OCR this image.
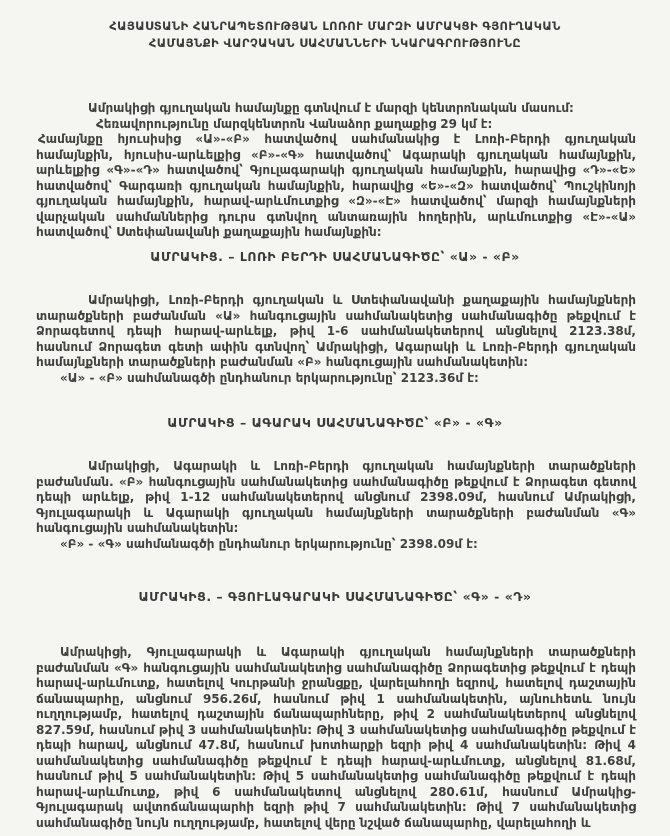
ՀԱՅԱՍՏԱՆԻ ՀԱՆՐԱՊԵՏՈՒԹՅԱՆ ԼՈՌՈՒ ՄԱՐԶԻ ԱՄՐԱԿՑԻ ԳՅՈՒՂԱԿԱՆ
ՀԱՄԱՅՆՔԻ ՎԱՐՉԱԿԱՆ ՍԱՀՄԱՆՆԵՐԻ ՆԿԱՐԱԳՐՈՒԹՅՈՒՆԸ
Ամրակիցի գյուղական համայնքը գտնվում է մարզի կենտրոնական մասում:
Հեռավորությունը մարզկենտրոն Վանաձոր քաղաքից 29 կմ է:
Համայնքը հյուսիսից «Ա»-«Բ» հատվածով սահմանակից է Լոռի-Բերդի գյուղական համայնքին, հյուսիս-արևելքից «Բ»-«Գ» հատվածով՝ Ագարակի գյուղական համայնքին, արևելքից «Գ»-«Դ» հատվածով՝ Գյուլագարակի գյուղական համայնքին, հարավից «Դ»-«Ե» հատվածով՝ Գարգառի գյուղական համայնքին, հարավից «Ե»-«Զ» հատվածով՝ Պուշկինոյի գյուղական համայնքին, հարավ-արևմուտքից «Զ»-«Է» հատվածով՝ մարզի համայնքների վարչական սահմաններից դուրս գտնվող անտառային հողերին, արևմուտքից «Է»-«Ա» հատվածով՝ Ստեփանավանի քաղաքային համայնքին:
ԱՄՐԱԿԻՑ. – ԼՈՌԻ ԲԵՐԴԻ ՍԱՀՄԱՆԱԳԻԾԸ՝ «Ա» - «Բ»
Ամրակիցի, Լոռի-Բերդի գյուղական և Ստեփանավանի քաղաքային համայնքների տարածքների բաժանման «Ա» հանգուցային սահմանակետից սահմանագիծը թեքվում է Ձորագետով դեպի հարավ-արևելք, թիվ 1-6 սահմանակետերով անցնելով 2123.38մ, հասնում Ձորագետ գետի ափին գտնվող՝ Ամրակիցի, Ագարակի և Լոռի-Բերդի գյուղական համայնքների տարածքների բաժանման «Բ» հանգուցային սահմանակետին:
«Ա» - «Բ» սահմանագծի ընդհանուր երկարությունը՝ 2123.36մ է:
ԱՄՐԱԿԻՑ – ԱԳԱՐԱԿ ՍԱՀՄԱՆԱԳԻԾԸ՝ «Բ» - «Գ»
Ամրակիցի, Ագարակի և Լոռի-Բերդի գյուղական համայնքների տարածքների բաժանման. «Բ» հանգուցային սահմանակետից սահմանագիծը թեքվում է Ձորագետ գետով դեպի արևելք, թիվ 1-12 սահմանակետերով անցնում 2398.09մ, հասնում Ամրակիցի, Գյուլագարակի և Ագարակի գյուղական համայնքների տարածքների բաժանման «Գ» հանգուցային սահմանակետին:
«Բ» - «Գ» սահմանագծի ընդհանուր երկարությունը՝ 2398.09մ է:
ԱՄՐԱԿԻՑ. – ԳՅՈՒԼԱԳԱՐԱԿԻ ՍԱՀՄԱՆԱԳԻԾԸ՝ «Գ» - «Դ»
Ամրակիցի, Գյուլագարակի և Ագարակի գյուղական համայնքների տարածքների բաժանման «Գ» հանգուցային սահմանակետից սահմանագիծը Ձորագետից թեքվում է դեպի հարավ-արևմուտք, հատելով Կուրթանի ջրանցքը, վարելահողի եզրով, հատելով դաշտային ճանապարհը, անցնում 956.26մ, հասնում թիվ 1 սահմանակետին, այնուհետև նույն ուղղությամբ, հատելով դաշտային ճանապարհները, թիվ 2 սահմանակետերով անցնելով 827.59մ, հասնում թիվ 3 սահմանակետին: Թիվ 3 սահմանակետից սահմանագիծը թեքվում է դեպի հարավ, անցնում 47.8մ, հասնում խոտհարքի եզրի թիվ 4 սահմանակետին: Թիվ 4 սահմանակետից սահմանագիծը թեքվում է դեպի հարավ-արևմուտք, անցնելով 81.68մ, հասնում թիվ 5 սահմանակետին: Թիվ 5 սահմանակետից սահմանագիծը թեքվում է դեպի հարավ-արևմուտք, թիվ 6 սահմանակետով անցնելով 280.61մ, հասնում Ամրակից-Գյուլագարակ ավտոճանապարհի եզրի թիվ 7 սահմանակետին: Թիվ 7 սահմանակետից սահմանագիծը նույն ուղղությամբ, հատելով վերը նշված ճանապարհը, վարելահողի և
